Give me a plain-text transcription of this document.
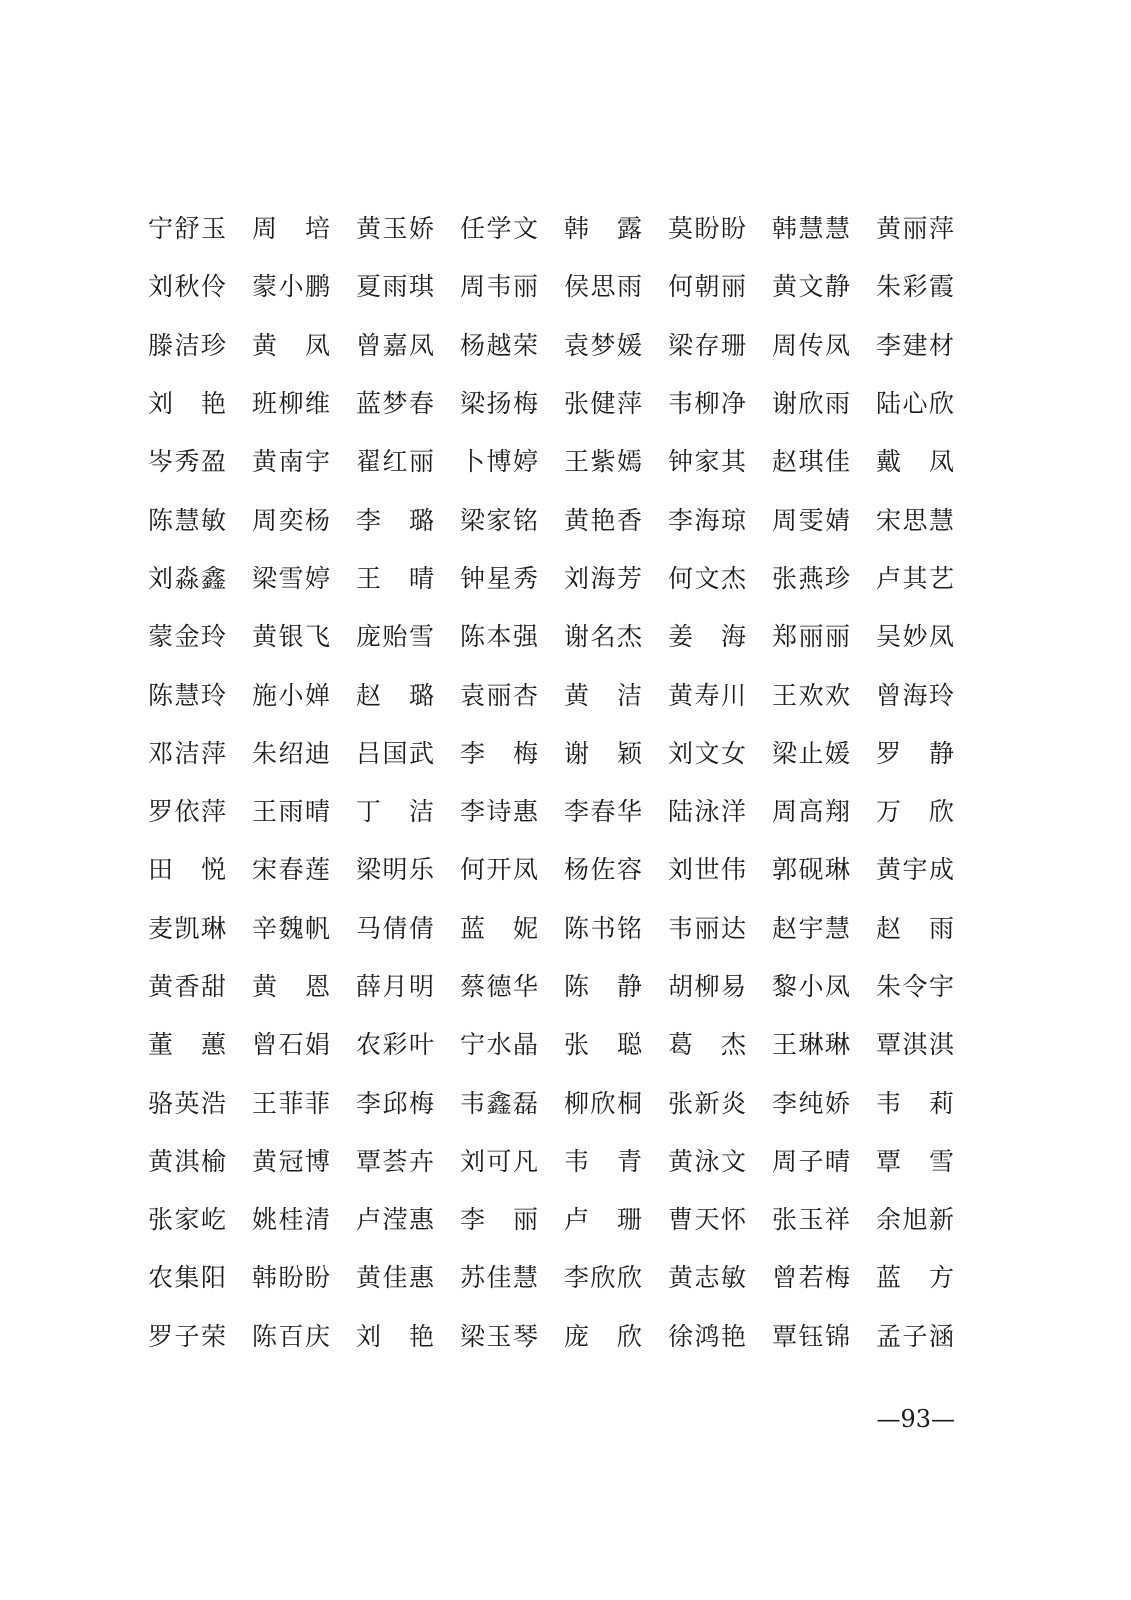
宁 舒 玉 周 培 黄 玉 娇 任 学 文 韩 露 莫 盼 盼 韩 慧 慧 黄 丽 萍
刘 秋 伶 蒙 小 鹏 夏 雨 琪 周 韦 丽 侯 思 雨 何 朝 丽 黄 文 静 朱 彩 霞
滕 洁 珍 黄 凤 曾 嘉 凤 杨 越 荣 袁 梦 媛 梁 存 珊 周 传 凤 李 建 材
刘 艳 班 柳 维 蓝 梦 春 梁 扬 梅 张 健 萍 韦 柳 净 谢 欣 雨 陆 心 欣
岑 秀 盈 黄 南 宇 翟 红 丽 卜 博 婷 王 紫 嫣 钟 家 其 赵 琪 佳 戴 凤
陈 慧 敏 周 奕 杨 李 璐 梁 家 铭 黄 艳 香 李 海 琼 周 雯 婧 宋 思 慧
刘 淼 鑫 梁 雪 婷 王 晴 钟 星 秀 刘 海 芳 何 文 杰 张 燕 珍 卢 其 艺
蒙 金 玲 黄 银 飞 庞 贻 雪 陈 本 强 谢 名 杰 姜 海 郑 丽 丽 吴 妙 凤
陈 慧 玲 施 小 婵 赵 璐 袁 丽 杏 黄 洁 黄 寿 川 王 欢 欢 曾 海 玲
邓 洁 萍 朱 绍 迪 吕 国 武 李 梅 谢 颖 刘 文 女 梁 止 媛 罗 静
罗 依 萍 王 雨 晴 丁 洁 李 诗 惠 李 春 华 陆 泳 洋 周 高 翔 万 欣
田 悦 宋 春 莲 梁 明 乐 何 开 凤 杨 佐 容 刘 世 伟 郭 砚 琳 黄 宇 成
麦 凯 琳 辛 魏 帆 马 倩 倩 蓝 妮 陈 书 铭 韦 丽 达 赵 宇 慧 赵 雨
黄 香 甜 黄 恩 薛 月 明 蔡 德 华 陈 静 胡 柳 易 黎 小 凤 朱 令 宇
董 蕙 曾 石 娟 农 彩 叶 宁 水 晶 张 聪 葛 杰 王 琳 琳 覃 淇 淇
骆 英 浩 王 菲 菲 李 邱 梅 韦 鑫 磊 柳 欣 桐 张 新 炎 李 纯 娇 韦 莉
黄 淇 榆 黄 冠 博 覃 荟 卉 刘 可 凡 韦 青 黄 泳 文 周 子 晴 覃 雪
张 家 屹 姚 桂 清 卢 滢 惠 李 丽 卢 珊 曹 天 怀 张 玉 祥 余 旭 新
农 集 阳 韩 盼 盼 黄 佳 惠 苏 佳 慧 李 欣 欣 黄 志 敏 曾 若 梅 蓝 方
罗 子 荣 陈 百 庆 刘 艳 梁 玉 琴 庞 欣 徐 鸿 艳 覃 钰 锦 孟 子 涵
—93—
